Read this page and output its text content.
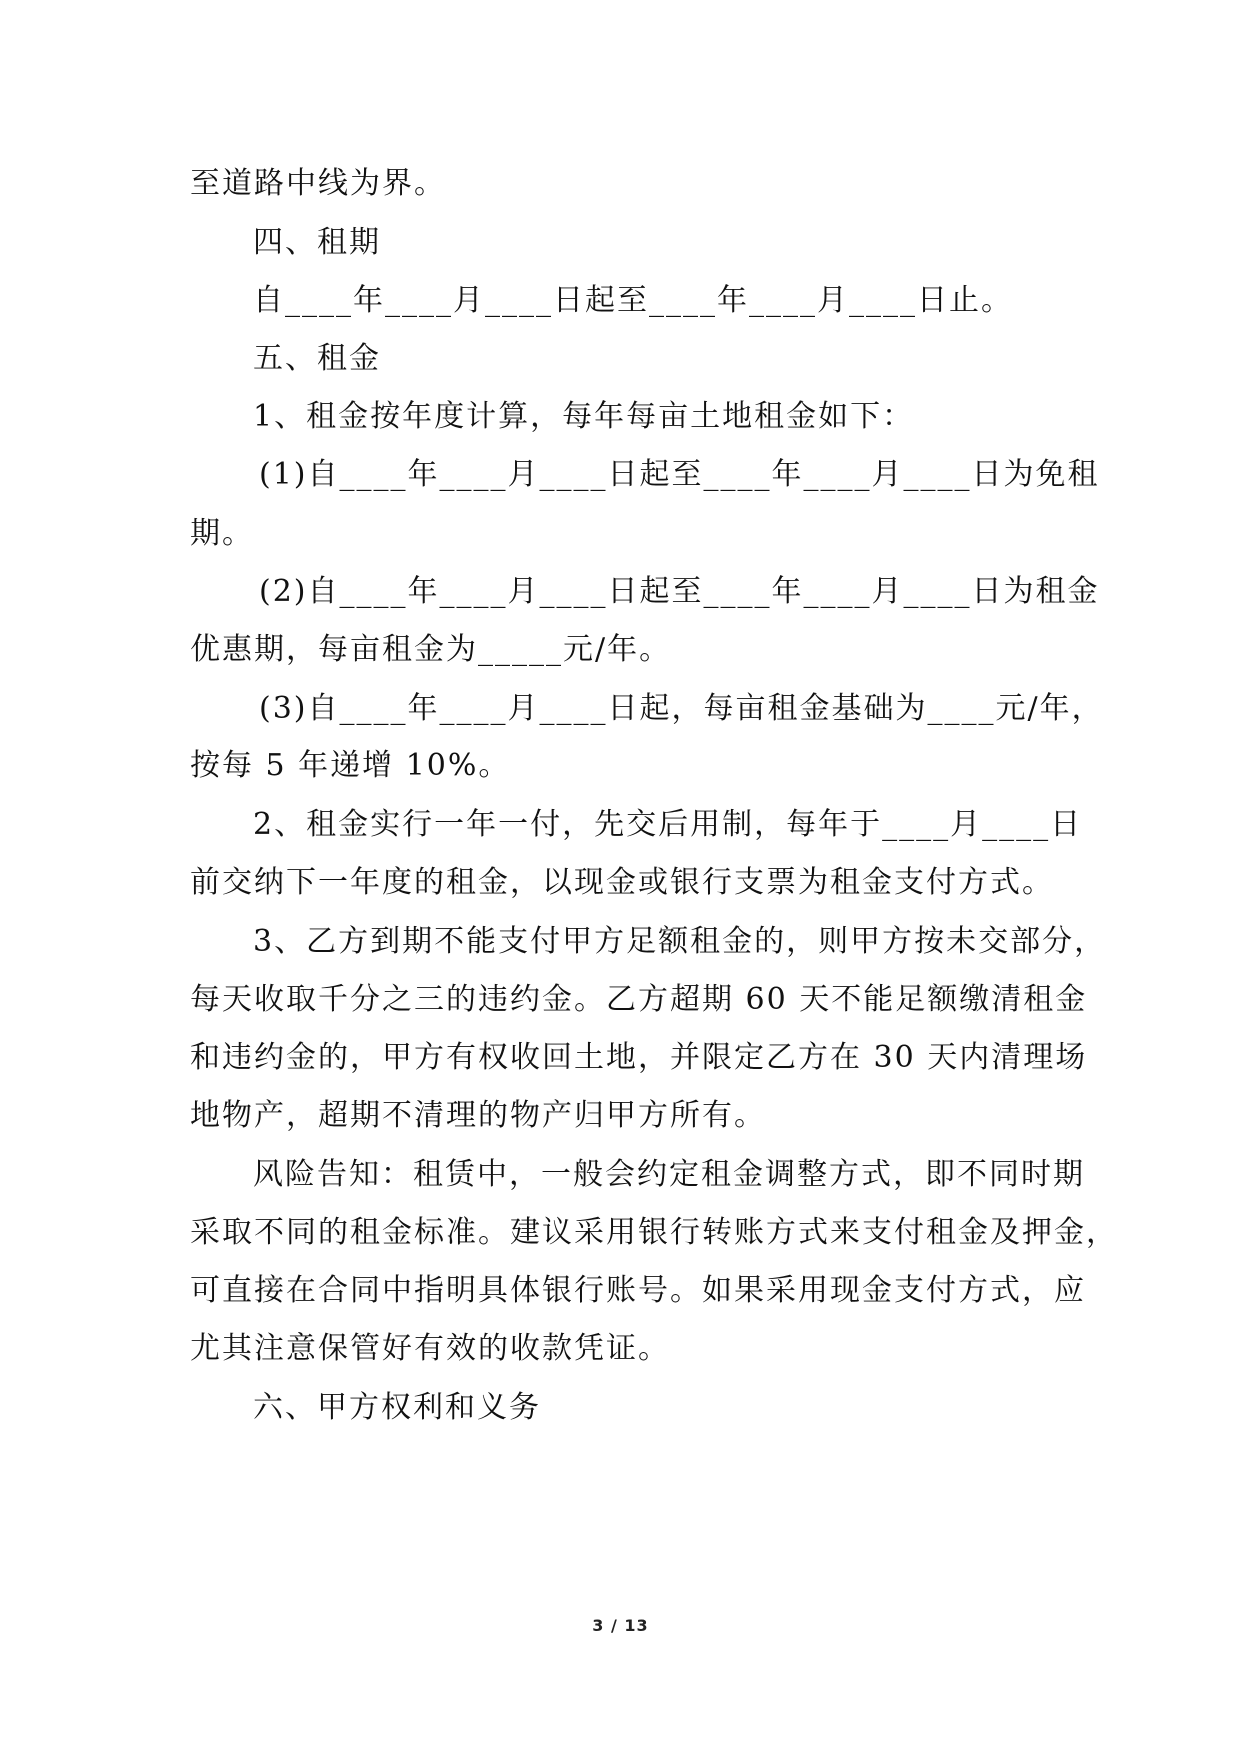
至道路中线为界。
四、租期
自____年____月____日起至____年____月____日止。
五、租金
1、租金按年度计算，每年每亩土地租金如下：
(1)自____年____月____日起至____年____月____日为免租
期。
(2)自____年____月____日起至____年____月____日为租金
优惠期，每亩租金为_____元/年。
(3)自____年____月____日起，每亩租金基础为____元/年，
按每 5 年递增 10%。
2、租金实行一年一付，先交后用制，每年于____月____日
前交纳下一年度的租金，以现金或银行支票为租金支付方式。
3、乙方到期不能支付甲方足额租金的，则甲方按未交部分，
每天收取千分之三的违约金。乙方超期 60 天不能足额缴清租金
和违约金的，甲方有权收回土地，并限定乙方在 30 天内清理场
地物产，超期不清理的物产归甲方所有。
风险告知：租赁中，一般会约定租金调整方式，即不同时期
采取不同的租金标准。建议采用银行转账方式来支付租金及押金，
可直接在合同中指明具体银行账号。如果采用现金支付方式，应
尤其注意保管好有效的收款凭证。
六、甲方权利和义务
3 / 13
